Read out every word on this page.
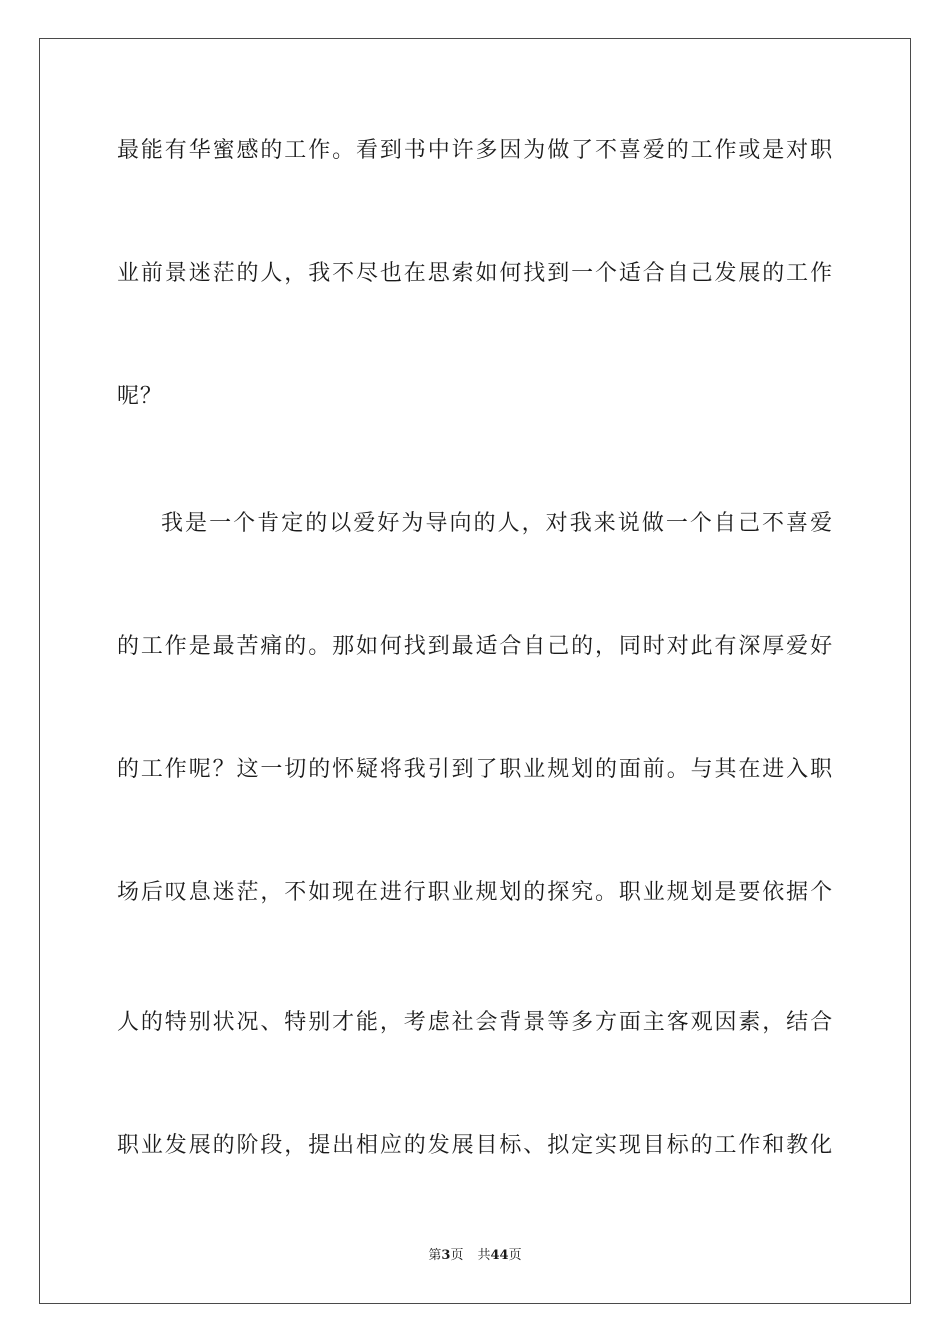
最能有华蜜感的工作。看到书中许多因为做了不喜爱的工作或是对职
业前景迷茫的人，我不尽也在思索如何找到一个适合自己发展的工作
呢？
我是一个肯定的以爱好为导向的人，对我来说做一个自己不喜爱
的工作是最苦痛的。那如何找到最适合自己的，同时对此有深厚爱好
的工作呢？这一切的怀疑将我引到了职业规划的面前。与其在进入职
场后叹息迷茫，不如现在进行职业规划的探究。职业规划是要依据个
人的特别状况、特别才能，考虑社会背景等多方面主客观因素，结合
职业发展的阶段，提出相应的发展目标、拟定实现目标的工作和教化
第3页 共44页
